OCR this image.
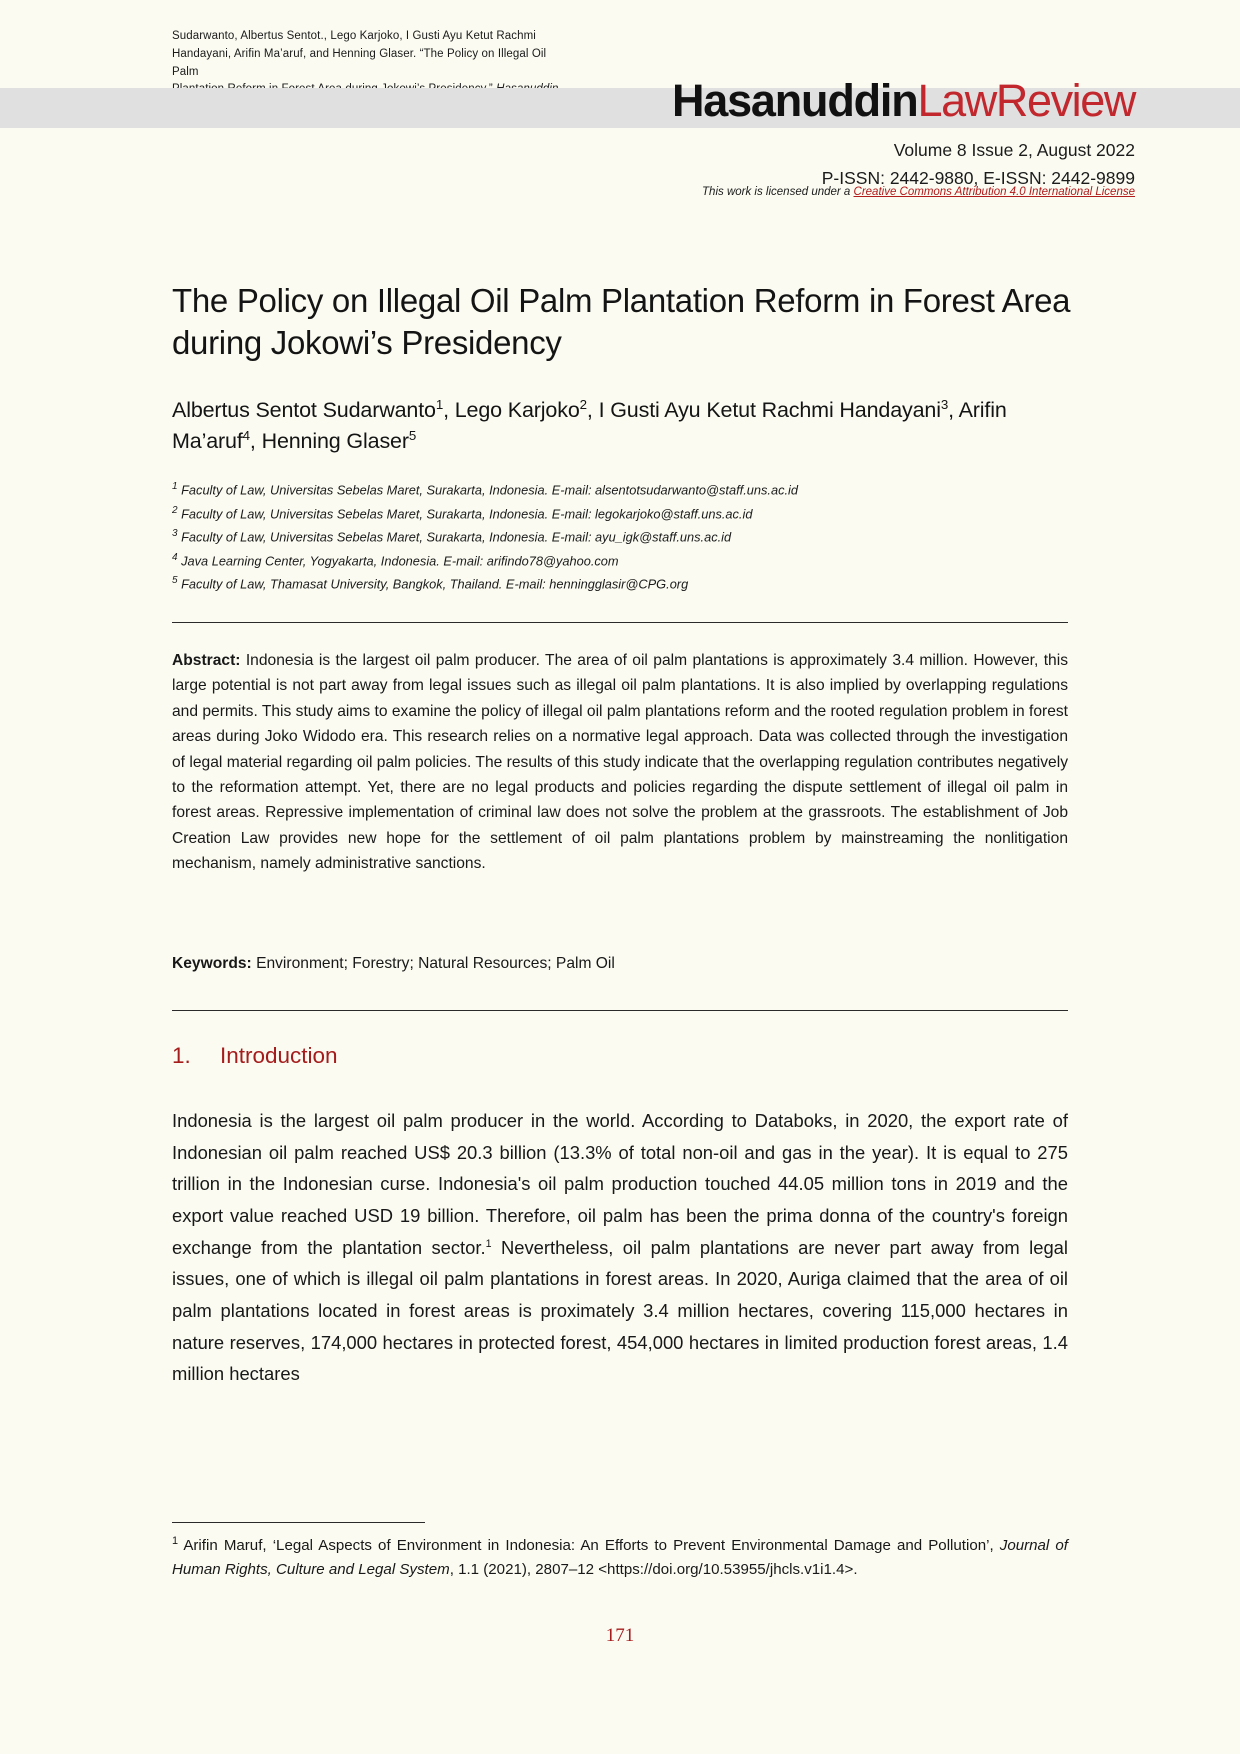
Sudarwanto, Albertus Sentot., Lego Karjoko, I Gusti Ayu Ketut Rachmi
Handayani, Arifin Ma’aruf, and Henning Glaser. “The Policy on Illegal Oil Palm

HasanuddinLawReview
Volume 8 Issue 2, August 2022
P-ISSN: 2442-9880, E-ISSN: 2442-9899
This work is licensed under a Creative Commons Attribution 4.0 International License
The Policy on Illegal Oil Palm Plantation Reform in Forest Area during Jokowi’s Presidency
Albertus Sentot Sudarwanto$^1$, Lego Karjoko$^2$, I Gusti Ayu Ketut Rachmi Handayani$^3$, Arifin Ma’aruf$^4$, Henning Glaser$^5$
$^1$ Faculty of Law, Universitas Sebelas Maret, Surakarta, Indonesia. E-mail: alsentotsudarwanto@staff.uns.ac.id
$^2$ Faculty of Law, Universitas Sebelas Maret, Surakarta, Indonesia. E-mail: legokarjoko@staff.uns.ac.id
$^3$ Faculty of Law, Universitas Sebelas Maret, Surakarta, Indonesia. E-mail: ayu_igk@staff.uns.ac.id
$^4$ Java Learning Center, Yogyakarta, Indonesia. E-mail: arifindo78@yahoo.com
$^5$ Faculty of Law, Thamasat University, Bangkok, Thailand. E-mail: henningglasir@CPG.org
Abstract: Indonesia is the largest oil palm producer. The area of oil palm plantations is approximately 3.4 million. However, this large potential is not part away from legal issues such as illegal oil palm plantations. It is also implied by overlapping regulations and permits. This study aims to examine the policy of illegal oil palm plantations reform and the rooted regulation problem in forest areas during Joko Widodo era. This research relies on a normative legal approach. Data was collected through the investigation of legal material regarding oil palm policies. The results of this study indicate that the overlapping regulation contributes negatively to the reformation attempt. Yet, there are no legal products and policies regarding the dispute settlement of illegal oil palm in forest areas. Repressive implementation of criminal law does not solve the problem at the grassroots. The establishment of Job Creation Law provides new hope for the settlement of oil palm plantations problem by mainstreaming the nonlitigation mechanism, namely administrative sanctions.
Keywords: Environment; Forestry; Natural Resources; Palm Oil
1. Introduction
Indonesia is the largest oil palm producer in the world. According to Databoks, in 2020, the export rate of Indonesian oil palm reached US$ 20.3 billion (13.3% of total non-oil and gas in the year). It is equal to 275 trillion in the Indonesian curse. Indonesia's oil palm production touched 44.05 million tons in 2019 and the export value reached USD 19 billion. Therefore, oil palm has been the prima donna of the country's foreign exchange from the plantation sector.$^1$ Nevertheless, oil palm plantations are never part away from legal issues, one of which is illegal oil palm plantations in forest areas. In 2020, Auriga claimed that the area of oil palm plantations located in forest areas is proximately 3.4 million hectares, covering 115,000 hectares in nature reserves, 174,000 hectares in protected forest, 454,000 hectares in limited production forest areas, 1.4 million hectares
$^1$ Arifin Maruf, ‘Legal Aspects of Environment in Indonesia: An Efforts to Prevent Environmental Damage and Pollution’, Journal of Human Rights, Culture and Legal System, 1.1 (2021), 2807–12 <https://doi.org/10.53955/jhcls.v1i1.4>.
171
